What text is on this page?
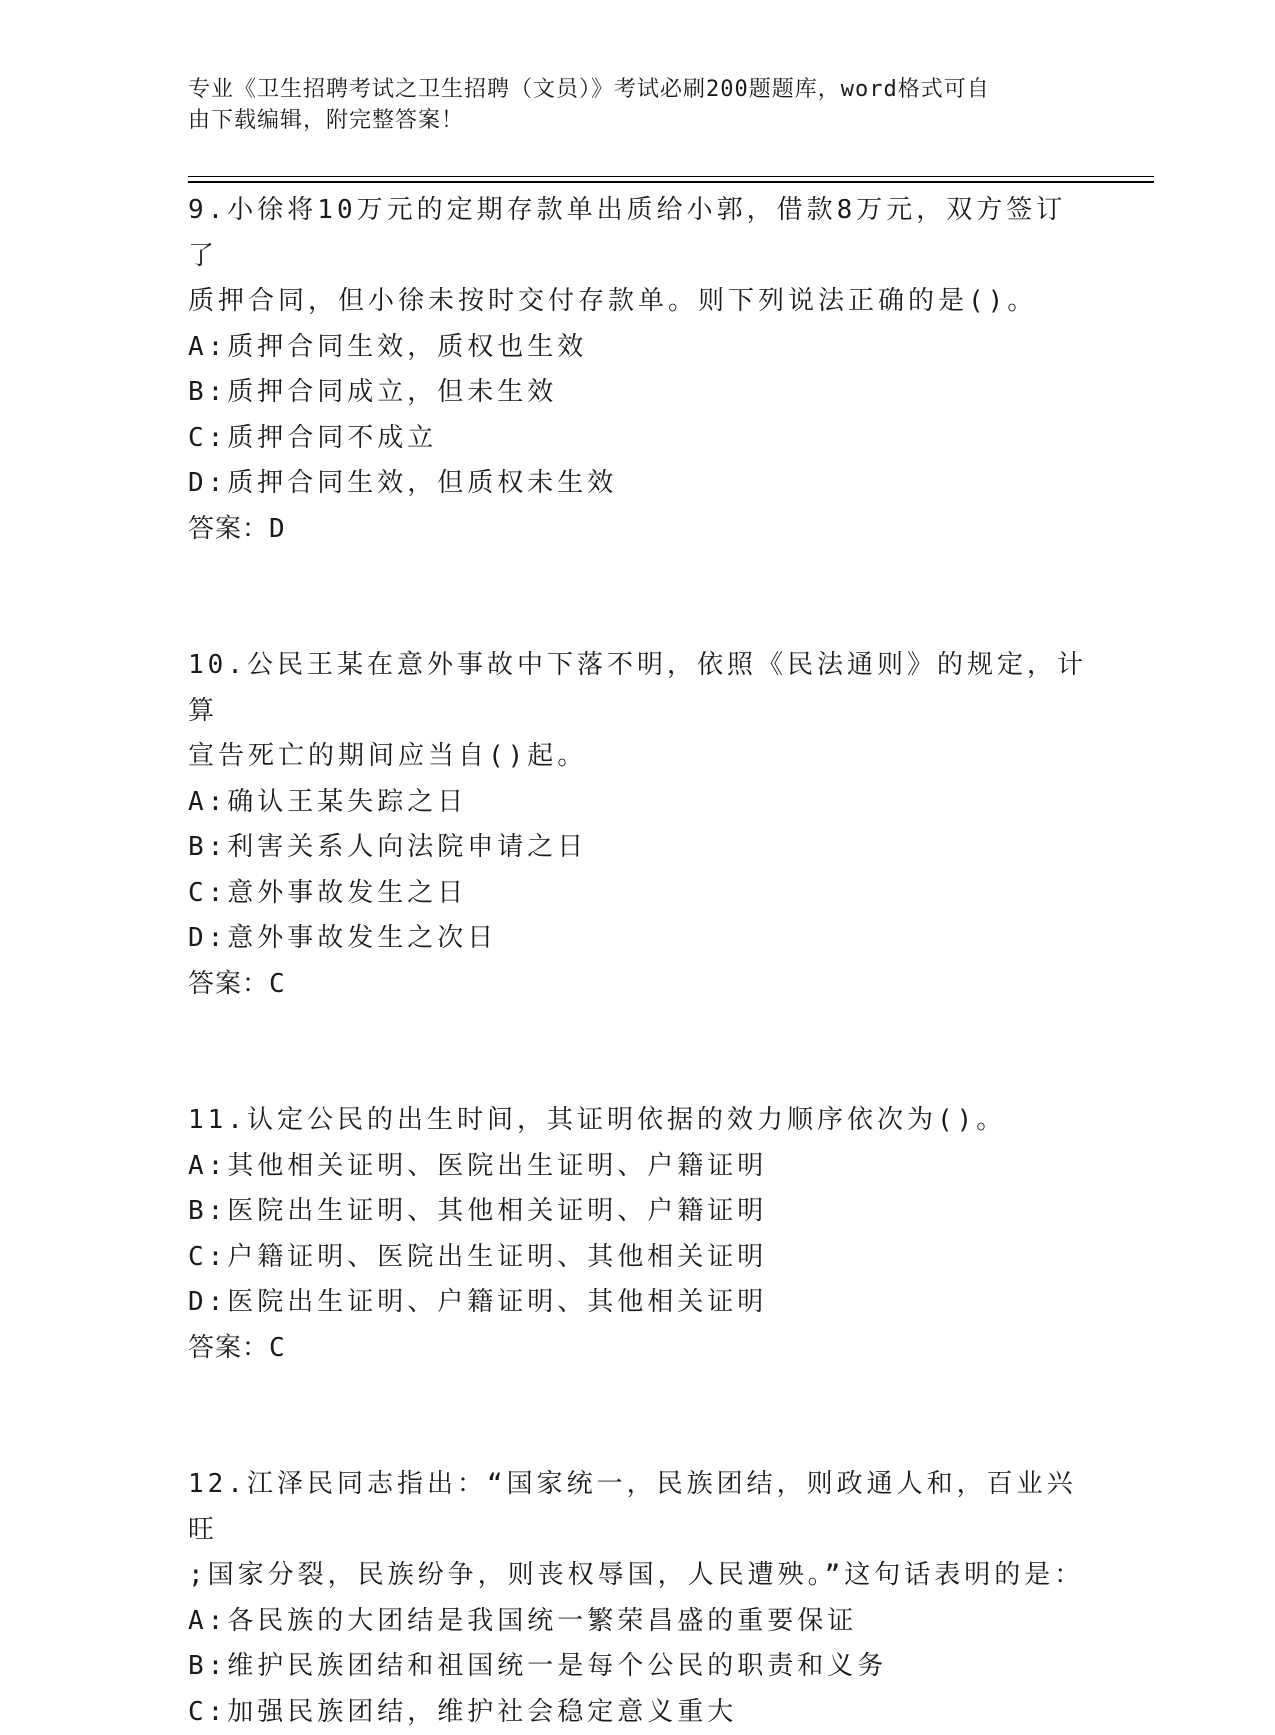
专业《卫生招聘考试之卫生招聘（文员）》考试必刷200题题库，word格式可自
由下载编辑，附完整答案！
9.小徐将10万元的定期存款单出质给小郭，借款8万元，双方签订了
质押合同，但小徐未按时交付存款单。则下列说法正确的是()。
A:质押合同生效，质权也生效
B:质押合同成立，但未生效
C:质押合同不成立
D:质押合同生效，但质权未生效
答案：D
10.公民王某在意外事故中下落不明，依照《民法通则》的规定，计算
宣告死亡的期间应当自()起。
A:确认王某失踪之日
B:利害关系人向法院申请之日
C:意外事故发生之日
D:意外事故发生之次日
答案：C
11.认定公民的出生时间，其证明依据的效力顺序依次为()。
A:其他相关证明、医院出生证明、户籍证明
B:医院出生证明、其他相关证明、户籍证明
C:户籍证明、医院出生证明、其他相关证明
D:医院出生证明、户籍证明、其他相关证明
答案：C
12.江泽民同志指出：“国家统一，民族团结，则政通人和，百业兴旺
;国家分裂，民族纷争，则丧权辱国，人民遭殃。”这句话表明的是：
A:各民族的大团结是我国统一繁荣昌盛的重要保证
B:维护民族团结和祖国统一是每个公民的职责和义务
C:加强民族团结，维护社会稳定意义重大
